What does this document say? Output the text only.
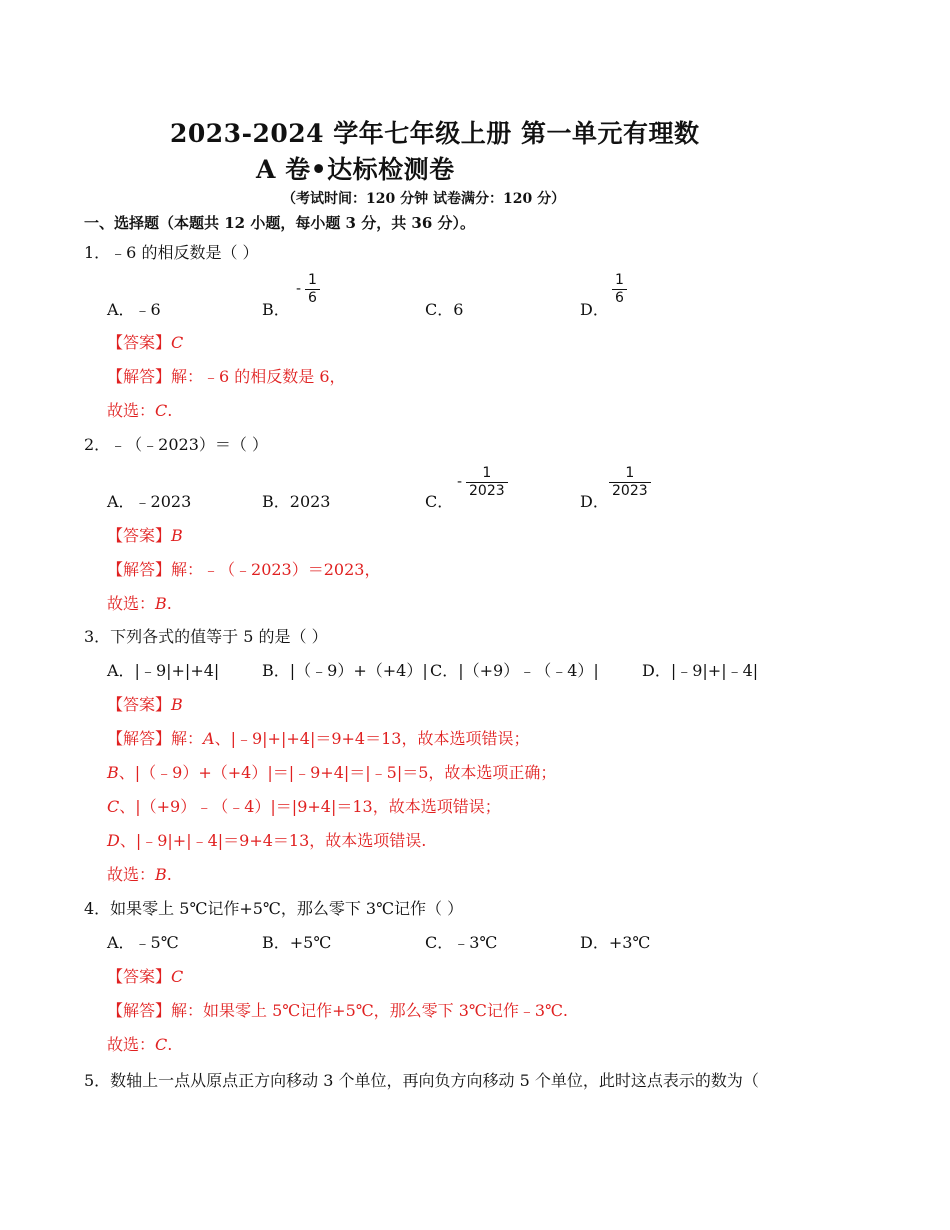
2023-2024 学年七年级上册 第一单元有理数
A 卷•达标检测卷
（考试时间：120 分钟 试卷满分：120 分）
一、选择题（本题共 12 小题，每小题 3 分，共 36 分）。
1．﹣6 的相反数是（ ）
A．﹣6	B．
-
1
6
C．6	D．
$\frac{1}{6}$
【答案】C
【解答】解：﹣6 的相反数是 6，
故选：C.
2．﹣（﹣2023）＝（ ）
A．﹣2023	B．2023	C．
-
1
2023
D．
$\frac{1}{2023}$
【答案】B
【解答】解：﹣（﹣2023）＝2023，
故选：B.
3．下列各式的值等于 5 的是（ ）
A．|﹣9|+|+4|	B．|（﹣9）+（+4）| C．|（+9）﹣（﹣4）|	D．|﹣9|+|﹣4|
【答案】B
【解答】解：A、|﹣9|+|+4|＝9+4＝13，故本选项错误；
B、|（﹣9）+（+4）|＝|﹣9+4|＝|﹣5|＝5，故本选项正确；
C、|（+9）﹣（﹣4）|＝|9+4|＝13，故本选项错误；
D、|﹣9|+|﹣4|＝9+4＝13，故本选项错误.
故选：B.
4．如果零上 5℃记作+5℃，那么零下 3℃记作（ ）
A．﹣5℃	B．+5℃	C．﹣3℃	D．+3℃
【答案】C
【解答】解：如果零上 5℃记作+5℃，那么零下 3℃记作﹣3℃.
故选：C.
5．数轴上一点从原点正方向移动 3 个单位，再向负方向移动 5 个单位，此时这点表示的数为（
